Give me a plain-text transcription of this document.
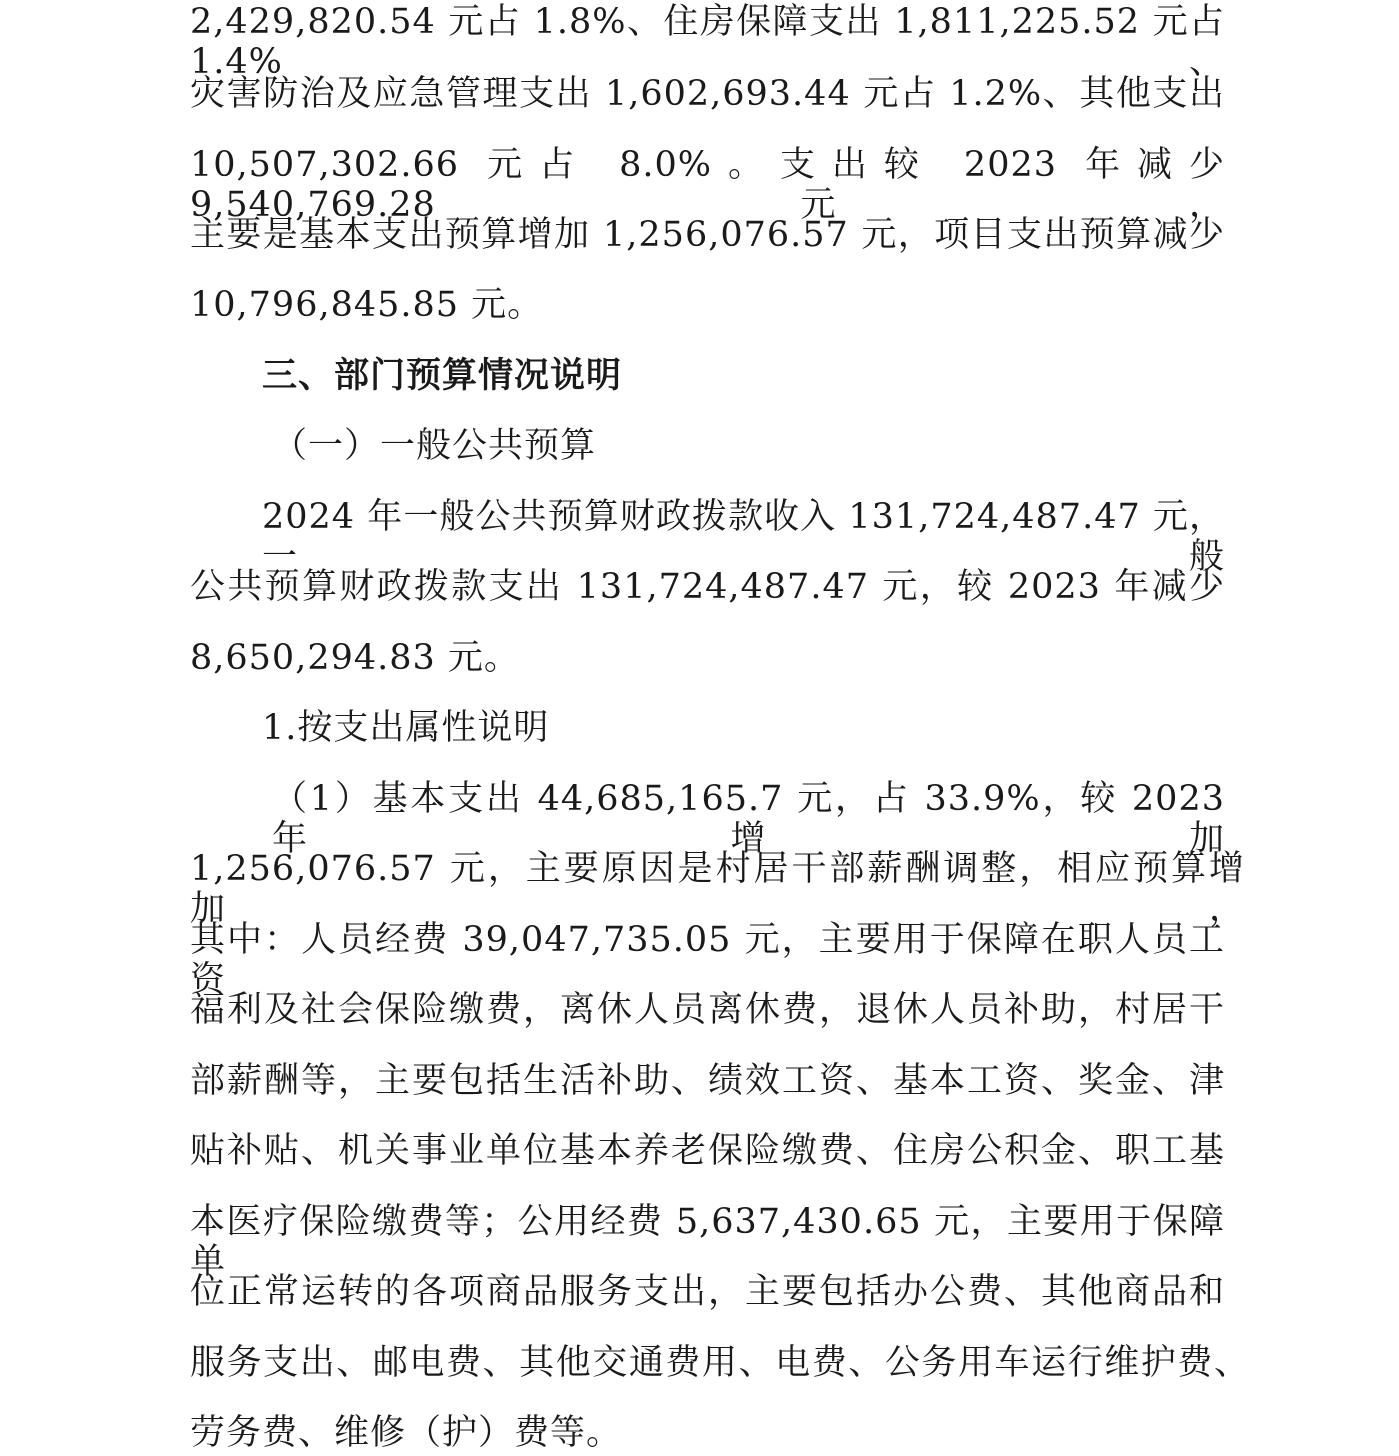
2,429,820.54 元占 1.8%、住房保障支出 1,811,225.52 元占 1.4%、
灾害防治及应急管理支出 1,602,693.44 元占 1.2%、其他支出
10,507,302.66 元占 8.0%。支出较 2023 年减少 9,540,769.28 元，
主要是基本支出预算增加 1,256,076.57 元，项目支出预算减少
10,796,845.85 元。
三、部门预算情况说明
（一）一般公共预算
2024 年一般公共预算财政拨款收入 131,724,487.47 元，一般
公共预算财政拨款支出 131,724,487.47 元，较 2023 年减少
8,650,294.83 元。
1.按支出属性说明
（1）基本支出 44,685,165.7 元，占 33.9%，较 2023 年增加
1,256,076.57 元，主要原因是村居干部薪酬调整，相应预算增加，
其中：人员经费 39,047,735.05 元，主要用于保障在职人员工资
福利及社会保险缴费，离休人员离休费，退休人员补助，村居干
部薪酬等，主要包括生活补助、绩效工资、基本工资、奖金、津
贴补贴、机关事业单位基本养老保险缴费、住房公积金、职工基
本医疗保险缴费等；公用经费 5,637,430.65 元，主要用于保障单
位正常运转的各项商品服务支出，主要包括办公费、其他商品和
服务支出、邮电费、其他交通费用、电费、公务用车运行维护费、
劳务费、维修（护）费等。
